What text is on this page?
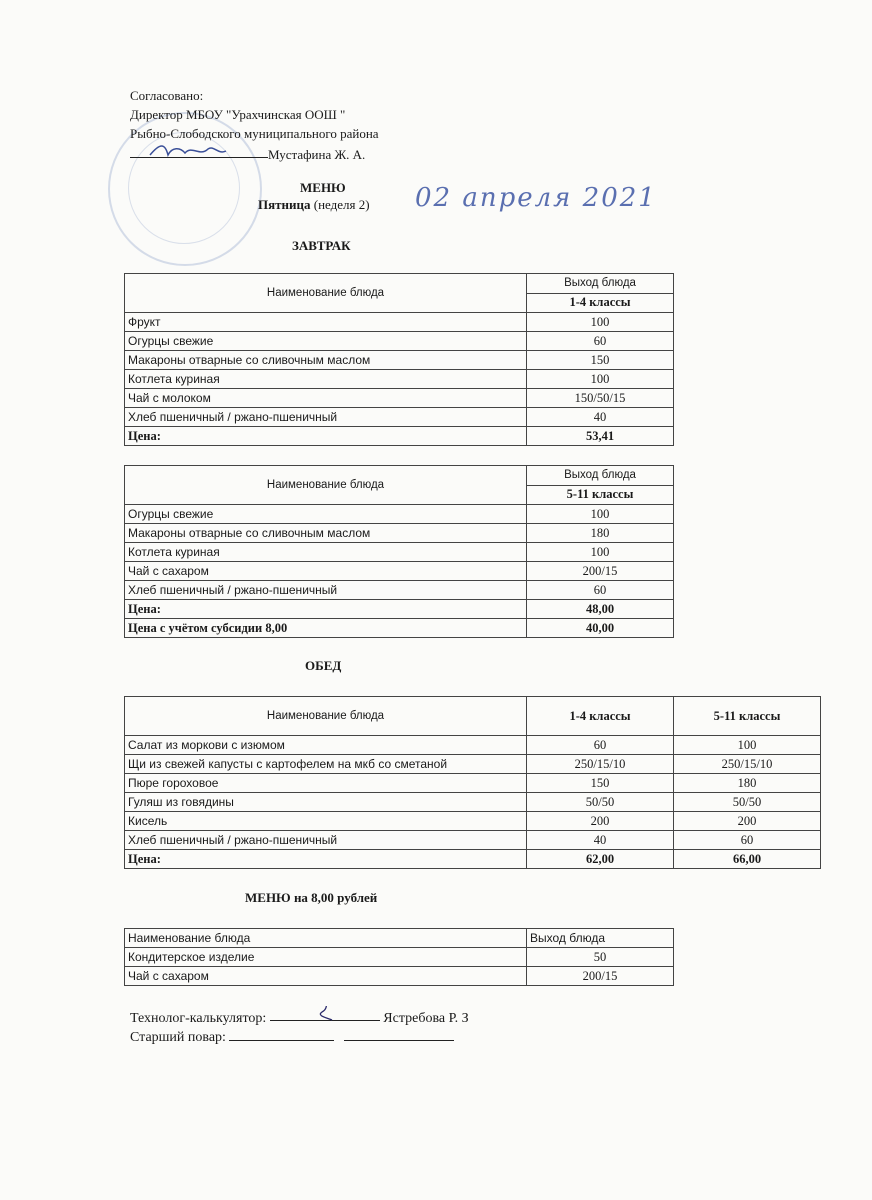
Согласовано:
Директор МБОУ "Урахчинская ООШ "
Рыбно-Слободского муниципального района
Мустафина Ж. А.
МЕНЮ
Пятница (неделя 2) 02 апреля 2021
ЗАВТРАК
Наименование блюда	Выход блюда
	1-4 классы
Фрукт	100
Огурцы свежие	60
Макароны отварные со сливочным маслом	150
Котлета куриная	100
Чай с молоком	150/50/15
Хлеб пшеничный / ржано-пшеничный	40
Цена:	53,41
Наименование блюда	Выход блюда
	5-11 классы
Огурцы свежие	100
Макароны отварные со сливочным маслом	180
Котлета куриная	100
Чай с сахаром	200/15
Хлеб пшеничный / ржано-пшеничный	60
Цена:	48,00
Цена с учётом субсидии 8,00	40,00
ОБЕД
Наименование блюда	1-4 классы	5-11 классы
Салат из моркови с изюмом	60	100
Щи из свежей капусты с картофелем на мкб со сметаной	250/15/10	250/15/10
Пюре гороховое	150	180
Гуляш из говядины	50/50	50/50
Кисель	200	200
Хлеб пшеничный / ржано-пшеничный	40	60
Цена:	62,00	66,00
МЕНЮ на 8,00 рублей
Наименование блюда	Выход блюда
Кондитерское изделие	50
Чай с сахаром	200/15
Технолог-калькулятор:	Ястребова Р. З
Старший повар:
